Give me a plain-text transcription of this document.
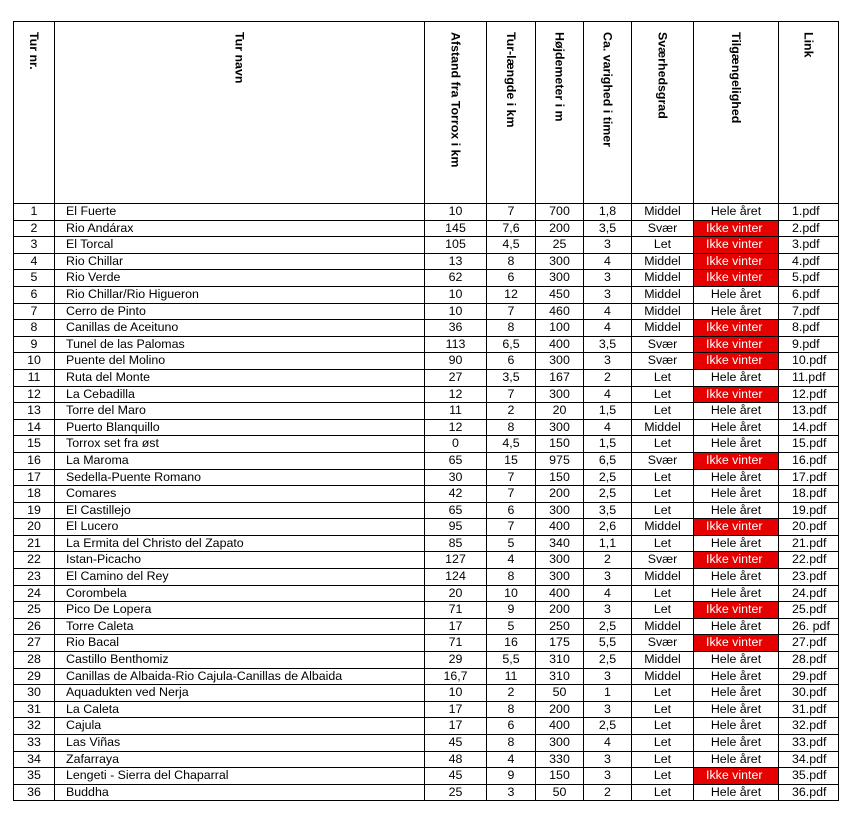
Tur nr.	Tur navn	Afstand fra Torrox i km	Tur-længde i km	Højdemeter i m	Ca. varighed i timer	Sværhedsgrad	Tilgængelighed	Link

1	El Fuerte	10	7	700	1,8	Middel	Hele året	1.pdf
2	Rio Andárax	145	7,6	200	3,5	Svær	Ikke vinter	2.pdf
3	El Torcal	105	4,5	25	3	Let	Ikke vinter	3.pdf
4	Rio Chillar	13	8	300	4	Middel	Ikke vinter	4.pdf
5	Rio Verde	62	6	300	3	Middel	Ikke vinter	5.pdf
6	Rio Chillar/Rio Higueron	10	12	450	3	Middel	Hele året	6.pdf
7	Cerro de Pinto	10	7	460	4	Middel	Hele året	7.pdf
8	Canillas de Aceituno	36	8	100	4	Middel	Ikke vinter	8.pdf
9	Tunel de las Palomas	113	6,5	400	3,5	Svær	Ikke vinter	9.pdf
10	Puente del Molino	90	6	300	3	Svær	Ikke vinter	10.pdf
11	Ruta del Monte	27	3,5	167	2	Let	Hele året	11.pdf
12	La Cebadilla	12	7	300	4	Let	Ikke vinter	12.pdf
13	Torre del Maro	11	2	20	1,5	Let	Hele året	13.pdf
14	Puerto Blanquillo	12	8	300	4	Middel	Hele året	14.pdf
15	Torrox set fra øst	0	4,5	150	1,5	Let	Hele året	15.pdf
16	La Maroma	65	15	975	6,5	Svær	Ikke vinter	16.pdf
17	Sedella-Puente Romano	30	7	150	2,5	Let	Hele året	17.pdf
18	Comares	42	7	200	2,5	Let	Hele året	18.pdf
19	El Castillejo	65	6	300	3,5	Let	Hele året	19.pdf
20	El Lucero	95	7	400	2,6	Middel	Ikke vinter	20.pdf
21	La Ermita del Christo del Zapato	85	5	340	1,1	Let	Hele året	21.pdf
22	Istan-Picacho	127	4	300	2	Svær	Ikke vinter	22.pdf
23	El Camino del Rey	124	8	300	3	Middel	Hele året	23.pdf
24	Corombela	20	10	400	4	Let	Hele året	24.pdf
25	Pico De Lopera	71	9	200	3	Let	Ikke vinter	25.pdf
26	Torre Caleta	17	5	250	2,5	Middel	Hele året	26. pdf
27	Rio Bacal	71	16	175	5,5	Svær	Ikke vinter	27.pdf
28	Castillo Benthomiz	29	5,5	310	2,5	Middel	Hele året	28.pdf
29	Canillas de Albaida-Rio Cajula-Canillas de Albaida	16,7	11	310	3	Middel	Hele året	29.pdf
30	Aquadukten ved Nerja	10	2	50	1	Let	Hele året	30.pdf
31	La Caleta	17	8	200	3	Let	Hele året	31.pdf
32	Cajula	17	6	400	2,5	Let	Hele året	32.pdf
33	Las Viñas	45	8	300	4	Let	Hele året	33.pdf
34	Zafarraya	48	4	330	3	Let	Hele året	34.pdf
35	Lengeti - Sierra del Chaparral	45	9	150	3	Let	Ikke vinter	35.pdf
36	Buddha	25	3	50	2	Let	Hele året	36.pdf
